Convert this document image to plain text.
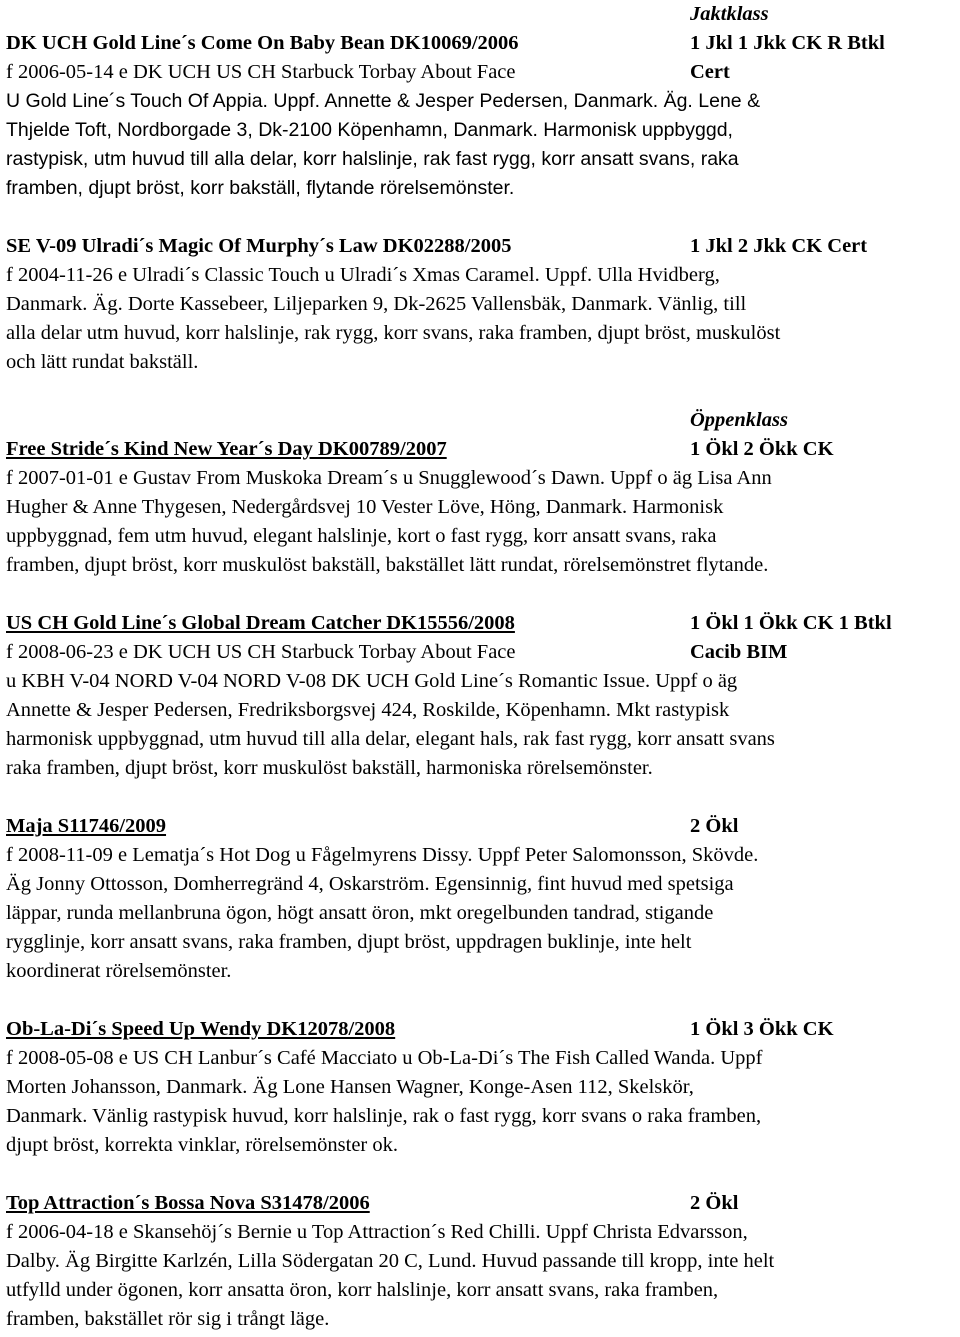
Jaktklass
DK UCH Gold Line´s Come On Baby Bean DK10069/2006	1 Jkl 1 Jkk CK R Btkl
f 2006-05-14 e DK UCH US CH Starbuck Torbay About Face	Cert
U Gold Line´s Touch Of Appia. Uppf. Annette & Jesper Pedersen, Danmark. Äg. Lene &
Thjelde Toft, Nordborgade 3, Dk-2100 Köpenhamn, Danmark. Harmonisk uppbyggd,
rastypisk, utm huvud till alla delar, korr halslinje, rak fast rygg, korr ansatt svans, raka
framben, djupt bröst, korr bakställ, flytande rörelsemönster.
SE V-09 Ulradi´s Magic Of Murphy´s Law DK02288/2005	1 Jkl 2 Jkk CK Cert
f 2004-11-26 e Ulradi´s Classic Touch u Ulradi´s Xmas Caramel. Uppf. Ulla Hvidberg,
Danmark. Äg. Dorte Kassebeer, Liljeparken 9, Dk-2625 Vallensbäk, Danmark. Vänlig, till
alla delar utm huvud, korr halslinje, rak rygg, korr svans, raka framben, djupt bröst, muskulöst
och lätt rundat bakställ.
Öppenklass
Free Stride´s Kind New Year´s Day DK00789/2007	1 Ökl 2 Ökk CK
f 2007-01-01 e Gustav From Muskoka Dream´s u Snugglewood´s Dawn. Uppf o äg Lisa Ann
Hugher & Anne Thygesen, Nedergårdsvej 10 Vester Löve, Höng, Danmark. Harmonisk
uppbyggnad, fem utm huvud, elegant halslinje, kort o fast rygg, korr ansatt svans, raka
framben, djupt bröst, korr muskulöst bakställ, bakstället lätt rundat, rörelsemönstret flytande.
US CH Gold Line´s Global Dream Catcher DK15556/2008	1 Ökl 1 Ökk CK 1 Btkl
f 2008-06-23 e DK UCH US CH Starbuck Torbay About Face	Cacib BIM
u KBH V-04 NORD V-04 NORD V-08 DK UCH Gold Line´s Romantic Issue. Uppf o äg
Annette & Jesper Pedersen, Fredriksborgsvej 424, Roskilde, Köpenhamn. Mkt rastypisk
harmonisk uppbyggnad, utm huvud till alla delar, elegant hals, rak fast rygg, korr ansatt svans
raka framben, djupt bröst, korr muskulöst bakställ, harmoniska rörelsemönster.
Maja S11746/2009	2 Ökl
f 2008-11-09 e Lematja´s Hot Dog u Fågelmyrens Dissy. Uppf Peter Salomonsson, Skövde.
Äg Jonny Ottosson, Domherregränd 4, Oskarström. Egensinnig, fint huvud med spetsiga
läppar, runda mellanbruna ögon, högt ansatt öron, mkt oregelbunden tandrad, stigande
rygglinje, korr ansatt svans, raka framben, djupt bröst, uppdragen buklinje, inte helt
koordinerat rörelsemönster.
Ob-La-Di´s Speed Up Wendy DK12078/2008	1 Ökl 3 Ökk CK
f 2008-05-08 e US CH Lanbur´s Café Macciato u Ob-La-Di´s The Fish Called Wanda. Uppf
Morten Johansson, Danmark. Äg Lone Hansen Wagner, Konge-Asen 112, Skelskör,
Danmark. Vänlig rastypisk huvud, korr halslinje, rak o fast rygg, korr svans o raka framben,
djupt bröst, korrekta vinklar, rörelsemönster ok.
Top Attraction´s Bossa Nova S31478/2006	2 Ökl
f 2006-04-18 e Skansehöj´s Bernie u Top Attraction´s Red Chilli. Uppf Christa Edvarsson,
Dalby. Äg Birgitte Karlzén, Lilla Södergatan 20 C, Lund. Huvud passande till kropp, inte helt
utfylld under ögonen, korr ansatta öron, korr halslinje, korr ansatt svans, raka framben,
framben, bakstället rör sig i trångt läge.
